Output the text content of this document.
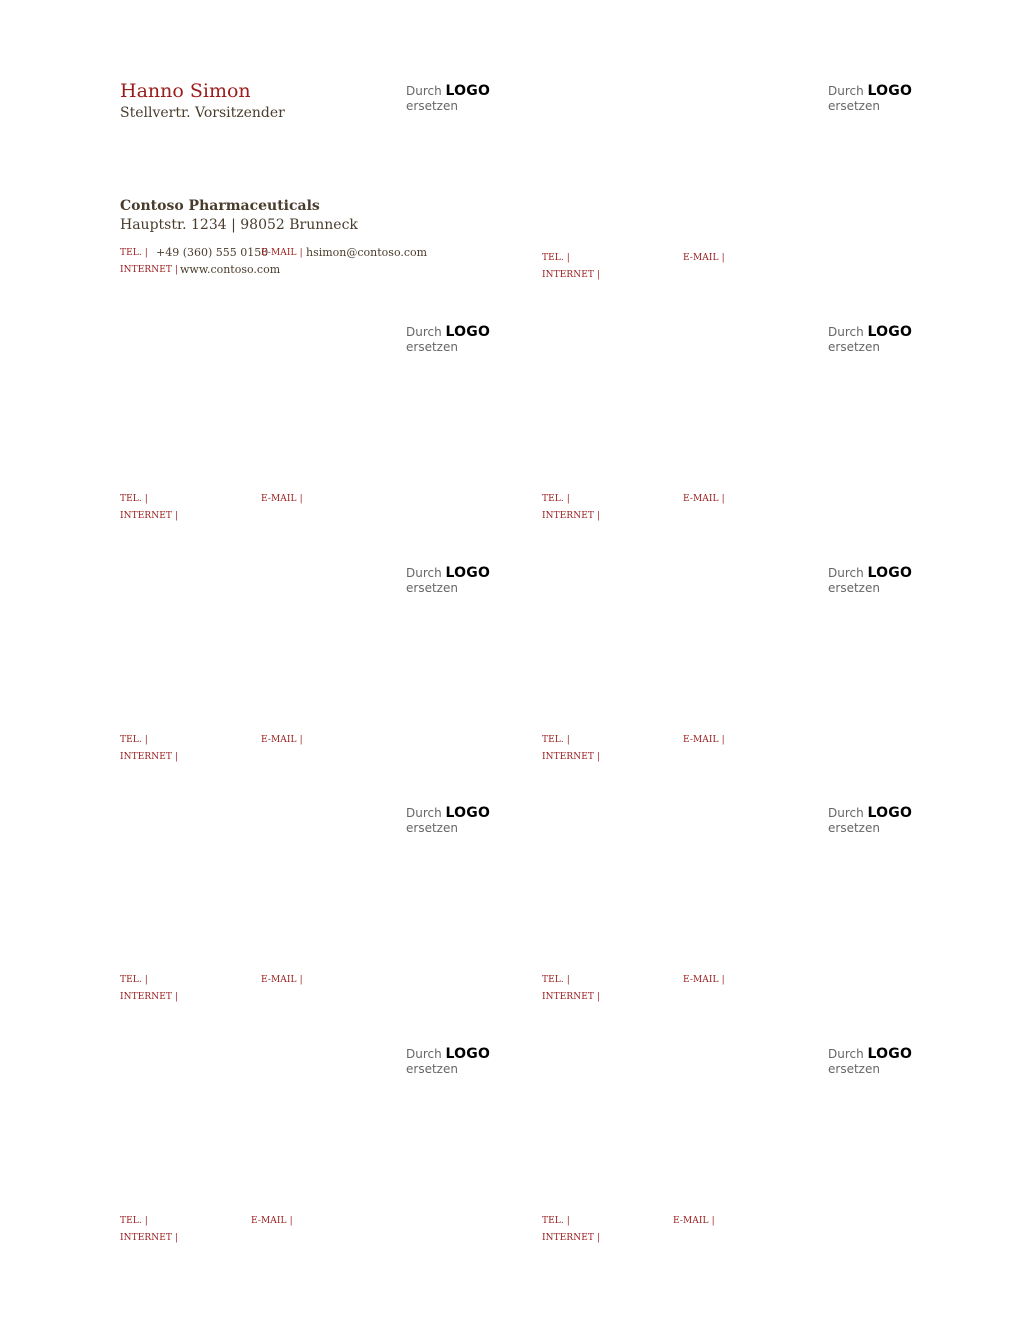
Hanno Simon
Stellvertr. Vorsitzender
Durch LOGO
ersetzen
Contoso Pharmaceuticals
Hauptstr. 1234 | 98052 Brunneck
TEL. | +49 (360) 555 0150
E-MAIL | hsimon@contoso.com
INTERNET | www.contoso.com
Durch LOGO
ersetzen
TEL. |	E-MAIL |
INTERNET |
Durch LOGO
ersetzen
TEL. |	E-MAIL |
INTERNET |
Durch LOGO
ersetzen
TEL. |	E-MAIL |
INTERNET |
Durch LOGO
ersetzen
TEL. |	E-MAIL |
INTERNET |
Durch LOGO
ersetzen
TEL. |	E-MAIL |
INTERNET |
Durch LOGO
ersetzen
TEL. |	E-MAIL |
INTERNET |
Durch LOGO
ersetzen
TEL. |	E-MAIL |
INTERNET |
Durch LOGO
ersetzen
TEL. |	E-MAIL |
INTERNET |
Durch LOGO
ersetzen
TEL. |	E-MAIL |
INTERNET |
